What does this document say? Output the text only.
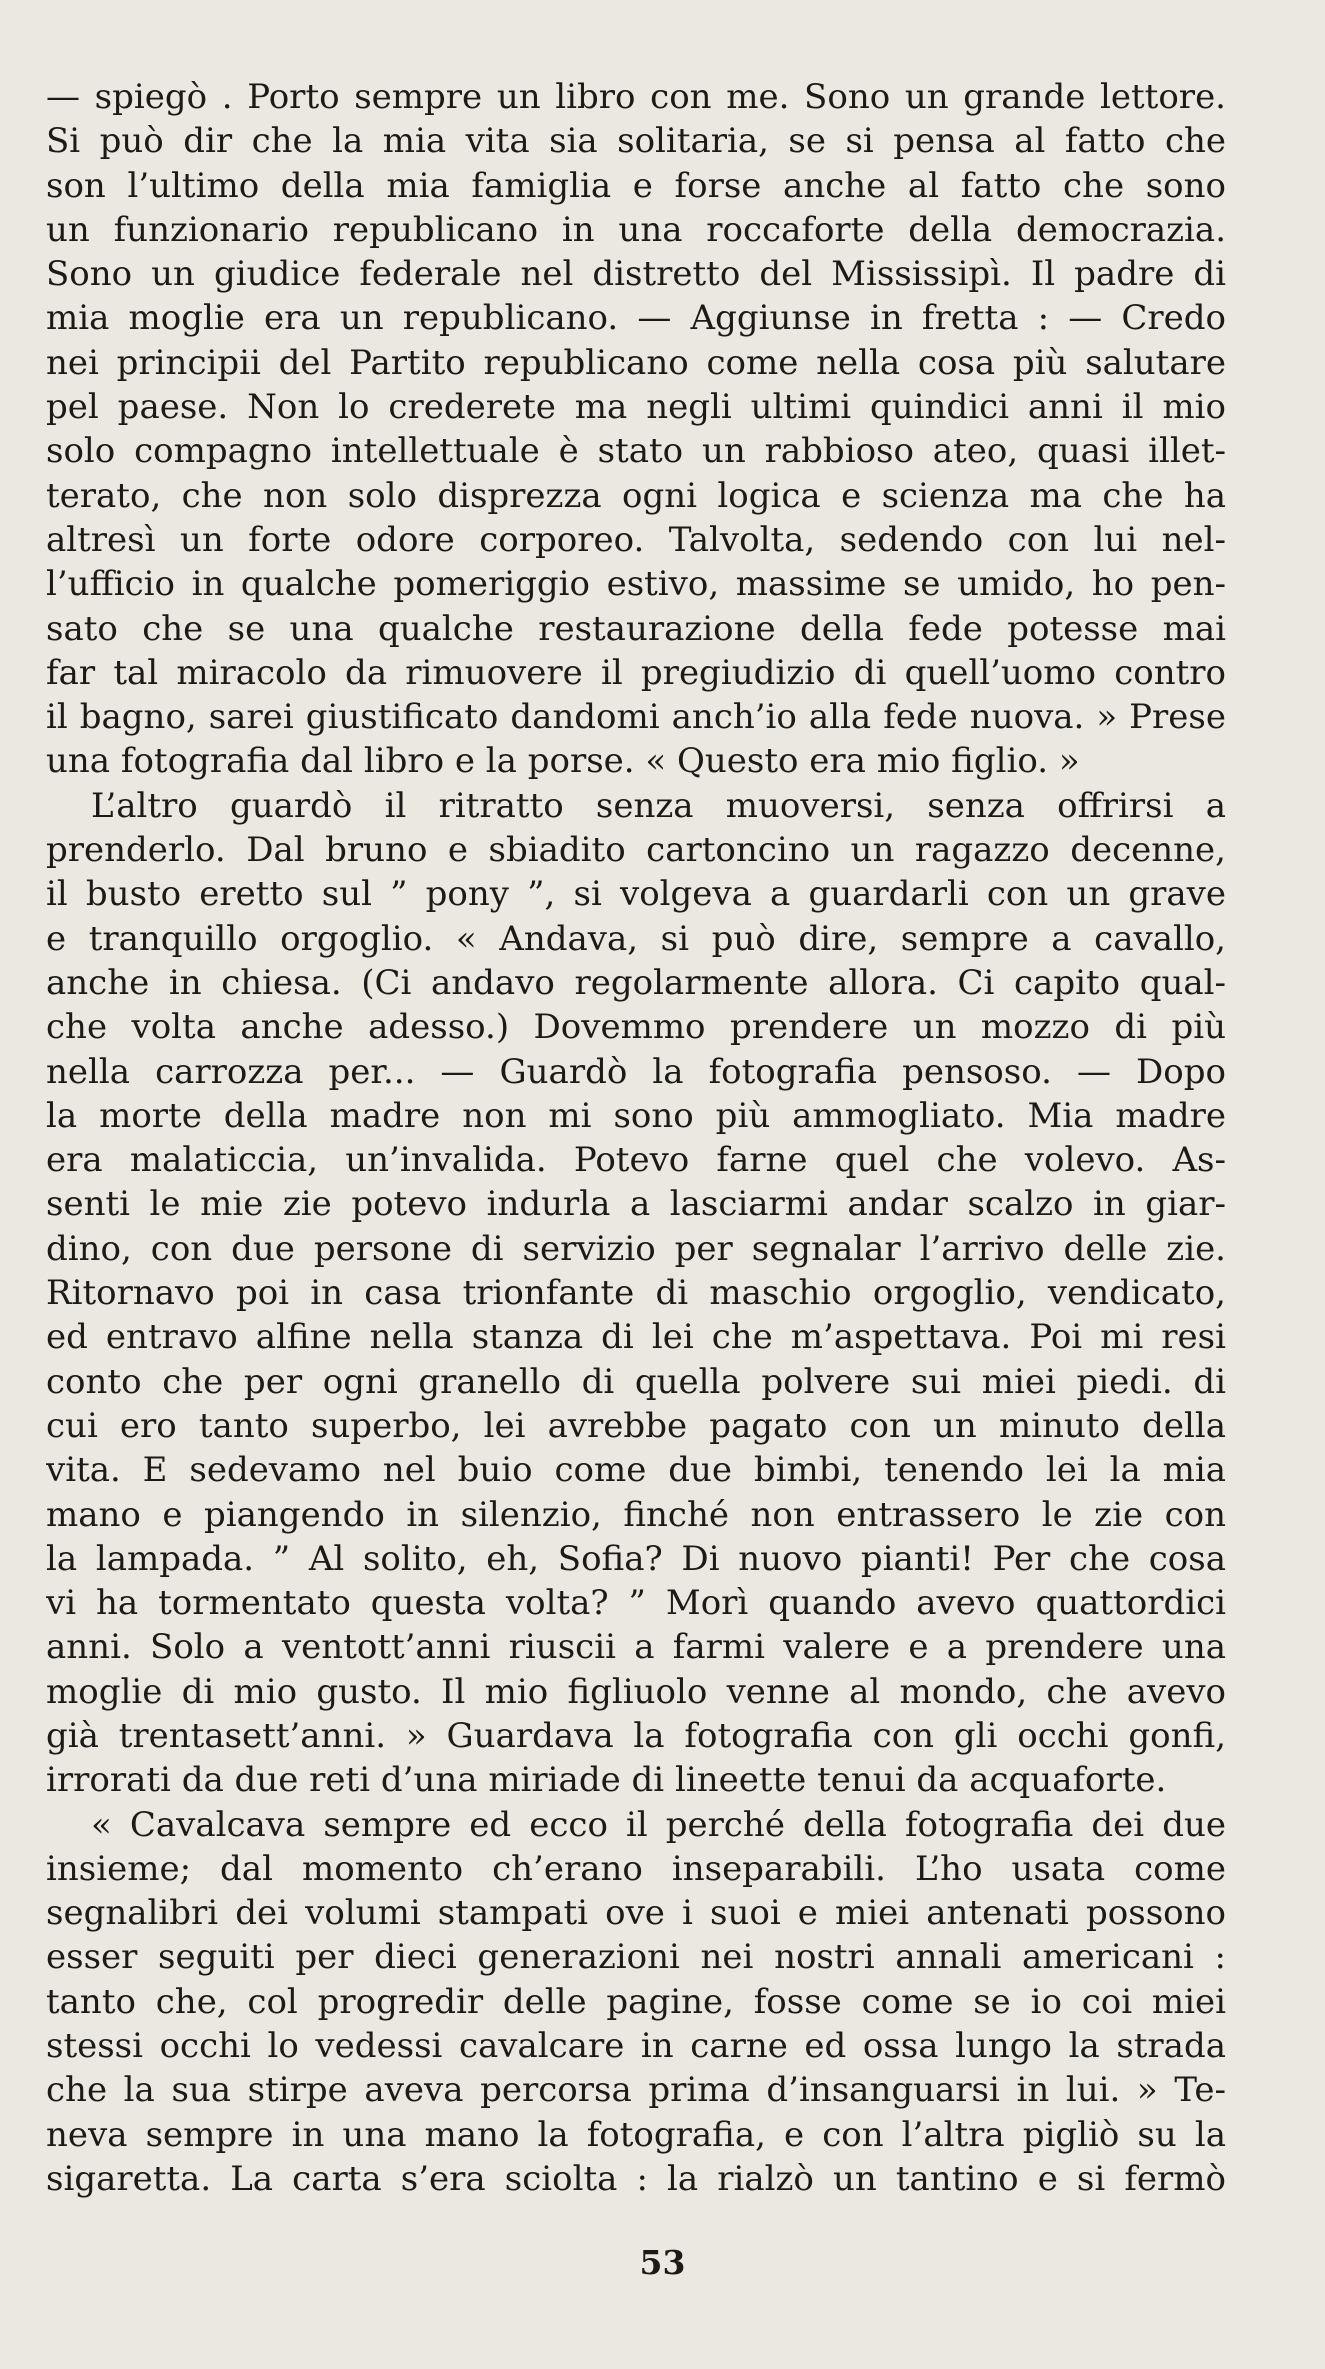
— spiegò . Porto sempre un libro con me. Sono un grande lettore.
Si può dir che la mia vita sia solitaria, se si pensa al fatto che
son l’ultimo della mia famiglia e forse anche al fatto che sono
un funzionario republicano in una roccaforte della democrazia.
Sono un giudice federale nel distretto del Mississipì. Il padre di
mia moglie era un republicano. — Aggiunse in fretta : — Credo
nei principii del Partito republicano come nella cosa più salutare
pel paese. Non lo crederete ma negli ultimi quindici anni il mio
solo compagno intellettuale è stato un rabbioso ateo, quasi illet-
terato, che non solo disprezza ogni logica e scienza ma che ha
altresì un forte odore corporeo. Talvolta, sedendo con lui nel-
l’ufficio in qualche pomeriggio estivo, massime se umido, ho pen-
sato che se una qualche restaurazione della fede potesse mai
far tal miracolo da rimuovere il pregiudizio di quell’uomo contro
il bagno, sarei giustificato dandomi anch’io alla fede nuova. » Prese
una fotografia dal libro e la porse. « Questo era mio figlio. »
L’altro guardò il ritratto senza muoversi, senza offrirsi a
prenderlo. Dal bruno e sbiadito cartoncino un ragazzo decenne,
il busto eretto sul ” pony ”, si volgeva a guardarli con un grave
e tranquillo orgoglio. « Andava, si può dire, sempre a cavallo,
anche in chiesa. (Ci andavo regolarmente allora. Ci capito qual-
che volta anche adesso.) Dovemmo prendere un mozzo di più
nella carrozza per... — Guardò la fotografia pensoso. — Dopo
la morte della madre non mi sono più ammogliato. Mia madre
era malaticcia, un’invalida. Potevo farne quel che volevo. As-
senti le mie zie potevo indurla a lasciarmi andar scalzo in giar-
dino, con due persone di servizio per segnalar l’arrivo delle zie.
Ritornavo poi in casa trionfante di maschio orgoglio, vendicato,
ed entravo alfine nella stanza di lei che m’aspettava. Poi mi resi
conto che per ogni granello di quella polvere sui miei piedi. di
cui ero tanto superbo, lei avrebbe pagato con un minuto della
vita. E sedevamo nel buio come due bimbi, tenendo lei la mia
mano e piangendo in silenzio, finché non entrassero le zie con
la lampada. ” Al solito, eh, Sofia? Di nuovo pianti! Per che cosa
vi ha tormentato questa volta? ” Morì quando avevo quattordici
anni. Solo a ventott’anni riuscii a farmi valere e a prendere una
moglie di mio gusto. Il mio figliuolo venne al mondo, che avevo
già trentasett’anni. » Guardava la fotografia con gli occhi gonfi,
irrorati da due reti d’una miriade di lineette tenui da acquaforte.
« Cavalcava sempre ed ecco il perché della fotografia dei due
insieme; dal momento ch’erano inseparabili. L’ho usata come
segnalibri dei volumi stampati ove i suoi e miei antenati possono
esser seguiti per dieci generazioni nei nostri annali americani :
tanto che, col progredir delle pagine, fosse come se io coi miei
stessi occhi lo vedessi cavalcare in carne ed ossa lungo la strada
che la sua stirpe aveva percorsa prima d’insanguarsi in lui. » Te-
neva sempre in una mano la fotografia, e con l’altra pigliò su la
sigaretta. La carta s’era sciolta : la rialzò un tantino e si fermò
53
